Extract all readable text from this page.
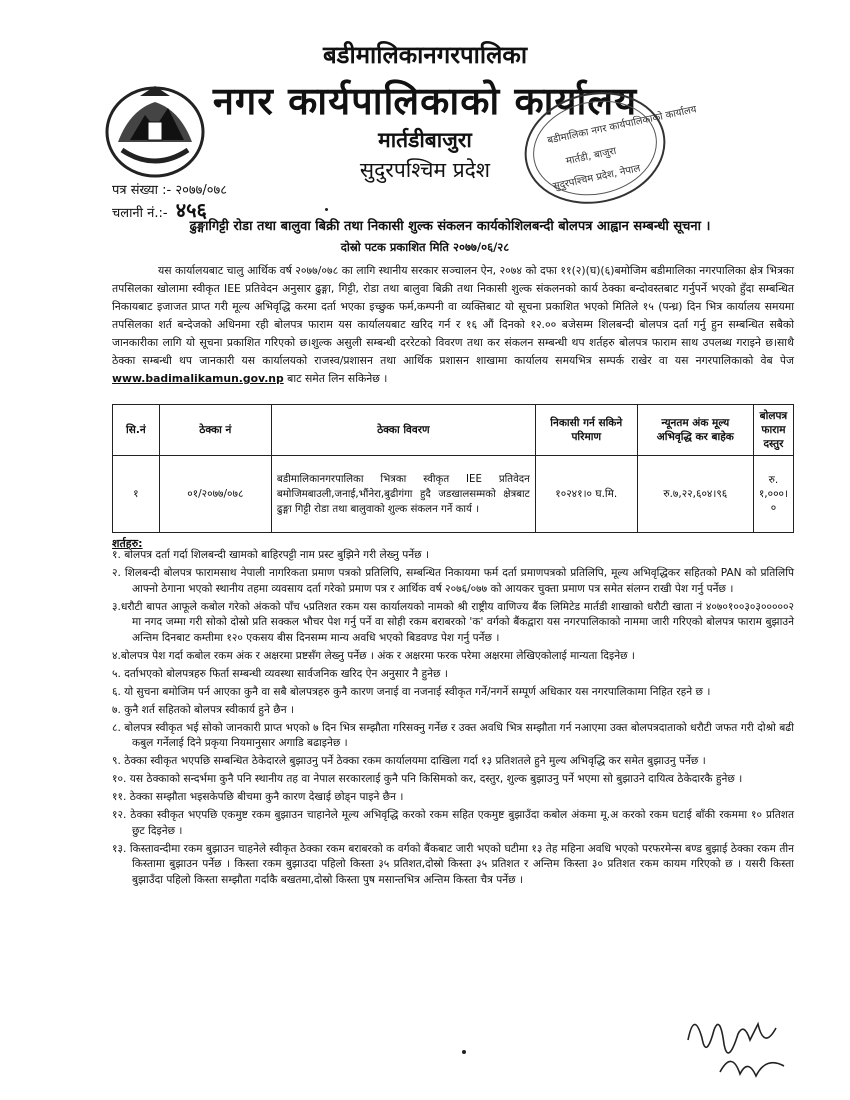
बडीमालिकानगरपालिका
नगर कार्यपालिकाको कार्यालय
मार्तडीबाजुरा
सुदुरपश्चिम प्रदेश
बडीमालिका नगर कार्यपालिकाको कार्यालय
मार्तडी, बाजुरा
सुदुरपश्चिम प्रदेश, नेपाल
पत्र संख्या :- २०७७/०७८
चलानी नं.:- ४५६
ढुङ्गागिट्टी रोडा तथा बालुवा बिक्री तथा निकासी शुल्क संकलन कार्यकोशिलबन्दी बोलपत्र आह्वान सम्बन्धी सूचना ।
दोस्रो पटक प्रकाशित मिति २०७७/०६/२८

यस कार्यालयबाट चालु आर्थिक वर्ष २०७७/०७८ का लागि स्थानीय सरकार सञ्चालन ऐन, २०७४ को दफा ११(२)(घ)(६)बमोजिम बडीमालिका नगरपालिका क्षेत्र भित्रका तपसिलका खोलामा स्वीकृत IEE प्रतिवेदन अनुसार ढुङ्गा, गिट्टी, रोडा तथा बालुवा बिक्री तथा निकासी शुल्क संकलनको कार्य ठेक्का बन्दोवस्तबाट गर्नुपर्ने भएको हुँदा सम्बन्धित निकायबाट इजाजत प्राप्त गरी मूल्य अभिवृद्धि करमा दर्ता भएका इच्छुक फर्म,कम्पनी वा व्यक्तिबाट यो सूचना प्रकाशित भएको मितिले १५ (पन्ध्र) दिन भित्र कार्यालय समयमा तपसिलका शर्त बन्देजको अधिनमा रही बोलपत्र फाराम यस कार्यालयबाट खरिद गर्न र १६ औं दिनको १२.०० बजेसम्म शिलबन्दी बोलपत्र दर्ता गर्नु हुन सम्बन्धित सबैको जानकारीका लागि यो सूचना प्रकाशित गरिएको छ।शुल्क असुली सम्बन्धी दररेटको विवरण तथा कर संकलन सम्बन्धी थप शर्तहरु बोलपत्र फाराम साथ उपलब्ध गराइने छ।साथै ठेक्का सम्बन्धी थप जानकारी यस कार्यालयको राजस्व/प्रशासन तथा आर्थिक प्रशासन शाखामा कार्यालय समयभित्र सम्पर्क राखेर वा यस नगरपालिकाको वेब पेज www.badimalikamun.gov.np बाट समेत लिन सकिनेछ ।

सि.नं	ठेक्का नं	ठेक्का विवरण	निकासी गर्न सकिने परिमाण	न्यूनतम अंक मूल्य अभिवृद्धि कर बाहेक	बोलपत्र फाराम दस्तुर
१	०१/२०७७/०७८	बडीमालिकानगरपालिका भित्रका स्वीकृत IEE प्रतिवेदन बमोजिमबाउली,जनाई,भौंनेरा,बुढीगंगा हुदै जडखालसम्मको क्षेत्रबाट ढुङ्गा गिट्टी रोडा तथा बालुवाको शुल्क संकलन गर्ने कार्य ।	१०२४१।० घ.मि.	रु.७,२२,६०४।९६	रु. १,०००।०
शर्तहरु:
१. बोलपत्र दर्ता गर्दा शिलबन्दी खामको बाहिरपट्टी नाम प्रस्ट बुझिने गरी लेख्नु पर्नेछ ।
२. शिलबन्दी बोलपत्र फारामसाथ नेपाली नागरिकता प्रमाण पत्रको प्रतिलिपि, सम्बन्धित निकायमा फर्म दर्ता प्रमाणपत्रको प्रतिलिपि, मूल्य अभिवृद्धिकर सहितको PAN को प्रतिलिपि आफ्नो ठेगाना भएको स्थानीय तहमा व्यवसाय दर्ता गरेको प्रमाण पत्र र आर्थिक वर्ष २०७६/०७७ को आयकर चुक्ता प्रमाण पत्र समेत संलग्न राखी पेश गर्नु पर्नेछ ।
३.धरौटी बापत आफूले कबोल गरेको अंकको पाँच ५प्रतिशत रकम यस कार्यालयको नामको श्री राष्ट्रीय वाणिज्य बैंक लिमिटेड मार्तडी शाखाको धरौटी खाता नं ४०७०१००३०३०००००२ मा नगद जम्मा गरी सोको दोस्रो प्रति सक्कल भौचर पेश गर्नु पर्ने वा सोही रकम बराबरको 'क' वर्गको बैंकद्वारा यस नगरपालिकाको नाममा जारी गरिएको बोलपत्र फाराम बुझाउने अन्तिम दिनबाट कम्तीमा १२० एकसय बीस दिनसम्म मान्य अवधि भएको बिडवण्ड पेश गर्नु पर्नेछ ।
४.बोलपत्र पेश गर्दा कबोल रकम अंक र अक्षरमा प्रष्टसँग लेख्नु पर्नेछ । अंक र अक्षरमा फरक परेमा अक्षरमा लेखिएकोलाई मान्यता दिइनेछ ।
५. दर्ताभएको बोलपत्रहरु फिर्ता सम्बन्धी व्यवस्था सार्वजनिक खरिद ऐन अनुसार नै हुनेछ ।
६. यो सुचना बमोजिम पर्न आएका कुनै वा सबै बोलपत्रहरु कुनै कारण जनाई वा नजनाई स्वीकृत गर्ने/नगर्ने सम्पूर्ण अधिकार यस नगरपालिकामा निहित रहने छ ।
७. कुनै शर्त सहितको बोलपत्र स्वीकार्य हुने छैन ।
८. बोलपत्र स्वीकृत भई सोको जानकारी प्राप्त भएको ७ दिन भित्र सम्झौता गरिसक्नु गर्नेछ र उक्त अवधि भित्र सम्झौता गर्न नआएमा उक्त बोलपत्रदाताको धरौटी जफत गरी दोश्रो बढी कबुल गर्नेलाई दिने प्रकृया नियमानुसार अगाडि बढाइनेछ ।
९. ठेक्का स्वीकृत भएपछि सम्बन्धित ठेकेदारले बुझाउनु पर्ने ठेक्का रकम कार्यालयमा दाखिला गर्दा १३ प्रतिशतले हुने मुल्य अभिवृद्धि कर समेत बुझाउनु पर्नेछ ।
१०. यस ठेक्काको सन्दर्भमा कुनै पनि स्थानीय तह वा नेपाल सरकारलाई कुनै पनि किसिमको कर, दस्तुर, शुल्क बुझाउनु पर्ने भएमा सो बुझाउने दायित्व ठेकेदारकै हुनेछ ।
११. ठेक्का सम्झौता भइसकेपछि बीचमा कुनै कारण देखाई छोड्न पाइने छैन ।
१२. ठेक्का स्वीकृत भएपछि एकमुष्ट रकम बुझाउन चाहानेले मूल्य अभिवृद्धि करको रकम सहित एकमुष्ट बुझाउँदा कबोल अंकमा मू.अ करको रकम घटाई बाँकी रकममा १० प्रतिशत छुट दिइनेछ ।
१३. किस्तावन्दीमा रकम बुझाउन चाहनेले स्वीकृत ठेक्का रकम बराबरको क वर्गको बैंकबाट जारी भएको घटीमा १३ तेह महिना अवधि भएको परफरमेन्स बण्ड बुझाई ठेक्का रकम तीन किस्तामा बुझाउन पर्नेछ । किस्ता रकम बुझाउदा पहिलो किस्ता ३५ प्रतिशत,दोस्रो किस्ता ३५ प्रतिशत र अन्तिम किस्ता ३० प्रतिशत रकम कायम गरिएको छ । यसरी किस्ता बुझाउँदा पहिलो किस्ता सम्झौता गर्दाकै बखतमा,दोस्रो किस्ता पुष मसान्तभित्र अन्तिम किस्ता चैत्र पर्नेछ ।
